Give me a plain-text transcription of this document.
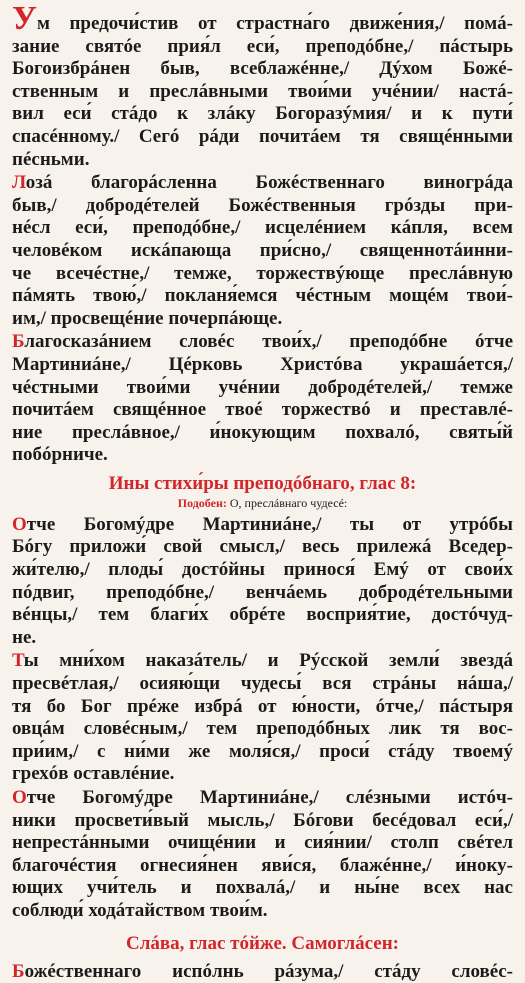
Ум предочи́стив от страстна́го движе́ния,/ помá-
зание святóе прия́л еси́, преподóбне,/ пáстырь
Богоизбрáнен быв, всеблажéнне,/ Дýхом Божé-
ственным и преслáвными твои́ми учéнии/ настá-
вил еси́ стáдо к злáку Богоразýмия/ и к пути́
спасéнному./ Сегó рáди почитáем тя свящéнными
пéсньми.
Лозá благорáсленна Божéственнаго виногрáда
быв,/ добродéтелей Божéственныя грóзды при-
нéсл еси́, преподóбне,/ исцелéнием кáпля, всем
человéком искáпающа при́сно,/ священнотáинни-
че всечéстне,/ темже, торжествýюще преслáвную
пáмять твою́,/ покланя́емся чéстным мощéм твои́-
им,/ просвещéние почерпáюще.
Благоскaзáнием словéс твои́х,/ преподóбне óтче
Мартиниáне,/ Цéрковь Христóва украшáется,/
чéстными твои́ми учéнии добродéтелей,/ темже
почитáем свящéнное твоé торжествó и преставлé-
ние преслáвное,/ и́нокующим похвалó, святы́й
побóрниче.
Ины стихи́ры преподóбнаго, глас 8:
Подобен: О, преслáвнаго чудесé:
Отче Богомýдре Мартиниáне,/ ты от утрóбы
Бóгу приложи́ свой смысл,/ весь прилежá Вседер-
жи́телю,/ плоды́ достóйны принося́ Емý от свои́х
пóдвиг, преподóбне,/ венчáемь добродéтельными
вéнцы,/ тем благи́х обрéте восприя́тие, достóчуд-
не.
Ты мни́хом наказáтель/ и Рýсской земли́ звездá
пресвéтлая,/ осияю́щи чудесы́ вся стрáны нáша,/
тя бо Бог прéже избрá от ю́ности, óтче,/ пáстыря
овцáм словéсным,/ тем преподóбных лик тя вос-
при́им,/ с ни́ми же моля́ся,/ проси́ стáду твоемý
грехóв оставлéние.
Отче Богомýдре Мартиниáне,/ слéзными истóч-
ники просвети́вый мысль,/ Бóгови бесéдовал еси́,/
непрестáнными очищéнии и сия́нии/ столп свéтел
благочéстия огнесия́нен яви́ся, блажéнне,/ и́ноку-
ющих учи́тель и похвалá,/ и ны́не всех нас
соблюди́ ходáтайством твои́м.
Слáва, глас тóйже. Самоглáсен:
Божéственнаго испóлнь рáзума,/ стáду словéс-
